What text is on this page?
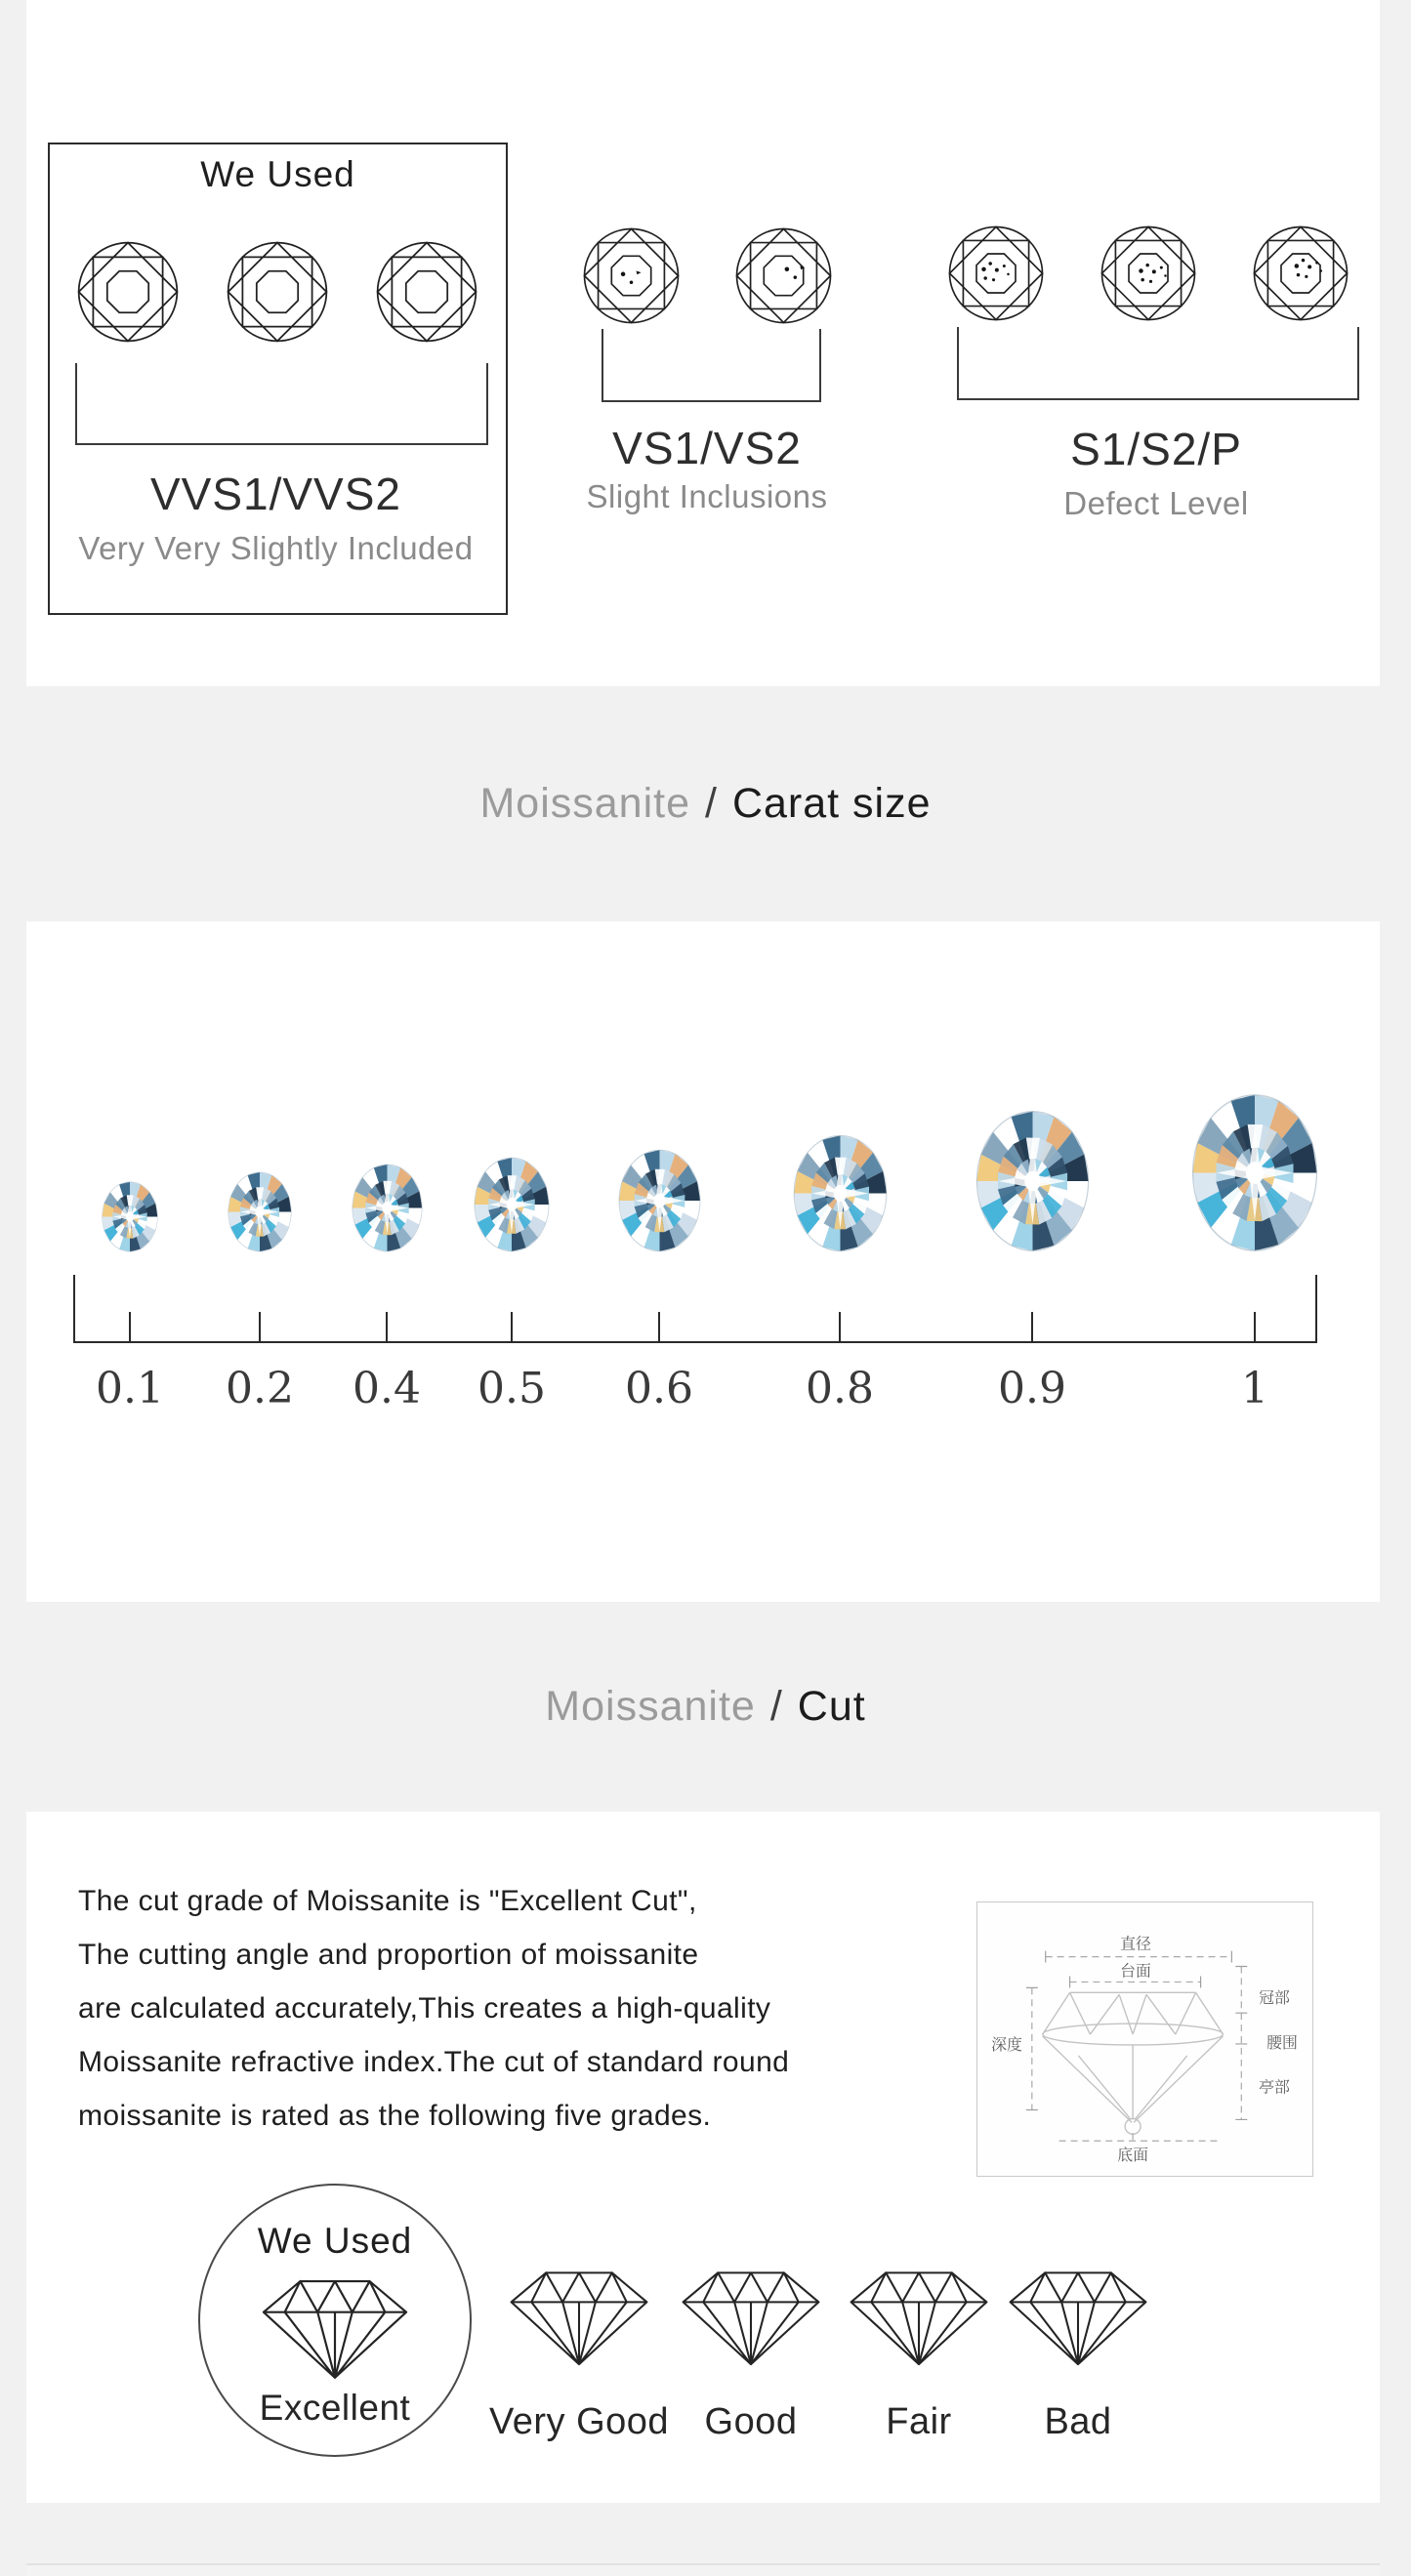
We Used
VVS1/VVS2
Very Very Slightly Included
VS1/VS2
Slight Inclusions
S1/S2/P
Defect Level
Moissanite / Carat size
0.1	0.2	0.4	0.5	0.6	0.8	0.9	1
Moissanite / Cut
The cut grade of Moissanite is "Excellent Cut",
The cutting angle and proportion of moissanite
are calculated accurately,This creates a high-quality
Moissanite refractive index.The cut of standard round
moissanite is rated as the following five grades.
直径
台面
深度
冠部
腰围
亭部
底面
We Used
Excellent	Very Good Good	Fair	Bad
